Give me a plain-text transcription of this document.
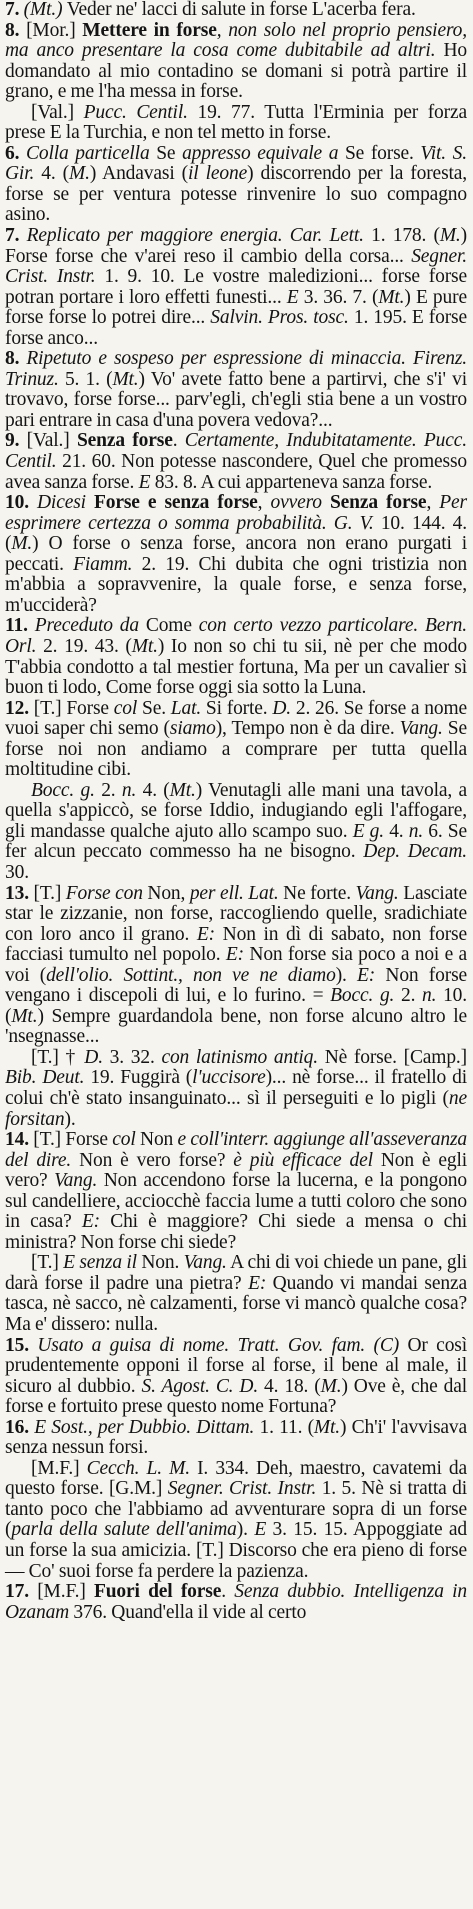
7. (Mt.) Veder ne' lacci di salute in forse L'acerba fera.

8. [Mor.] Mettere in forse, non solo nel proprio pensiero, ma anco presentare la cosa come dubitabile ad altri. Ho domandato al mio contadino se domani si potrà partire il grano, e me l'ha messa in forse.

[Val.] Pucc. Centil. 19. 77. Tutta l'Erminia per forza prese E la Turchia, e non tel metto in forse.

6. Colla particella Se appresso equivale a Se forse. Vit. S. Gir. 4. (M.) Andavasi (il leone) discorrendo per la foresta, forse se per ventura potesse rinvenire lo suo compagno asino.

7. Replicato per maggiore energia. Car. Lett. 1. 178. (M.) Forse forse che v'arei reso il cambio della corsa... Segner. Crist. Instr. 1. 9. 10. Le vostre maledizioni... forse forse potran portare i loro effetti funesti... E 3. 36. 7. (Mt.) E pure forse forse lo potrei dire... Salvin. Pros. tosc. 1. 195. E forse forse anco...

8. Ripetuto e sospeso per espressione di minaccia. Firenz. Trinuz. 5. 1. (Mt.) Vo' avete fatto bene a partirvi, che s'i' vi trovavo, forse forse... parv'egli, ch'egli stia bene a un vostro pari entrare in casa d'una povera vedova?...

9. [Val.] Senza forse. Certamente, Indubitatamente. Pucc. Centil. 21. 60. Non potesse nascondere, Quel che promesso avea sanza forse. E 83. 8. A cui apparteneva sanza forse.

10. Dicesi Forse e senza forse, ovvero Senza forse, Per esprimere certezza o somma probabilità. G. V. 10. 144. 4. (M.) O forse o senza forse, ancora non erano purgati i peccati. Fiamm. 2. 19. Chi dubita che ogni tristizia non m'abbia a sopravvenire, la quale forse, e senza forse, m'ucciderà?

11. Preceduto da Come con certo vezzo particolare. Bern. Orl. 2. 19. 43. (Mt.) Io non so chi tu sii, nè per che modo T'abbia condotto a tal mestier fortuna, Ma per un cavalier sì buon ti lodo, Come forse oggi sia sotto la Luna.

12. [T.] Forse col Se. Lat. Si forte. D. 2. 26. Se forse a nome vuoi saper chi semo (siamo), Tempo non è da dire. Vang. Se forse noi non andiamo a comprare per tutta quella moltitudine cibi.

Bocc. g. 2. n. 4. (Mt.) Venutagli alle mani una tavola, a quella s'appiccò, se forse Iddio, indugiando egli l'affogare, gli mandasse qualche ajuto allo scampo suo. E g. 4. n. 6. Se fer alcun peccato commesso ha ne bisogno. Dep. Decam. 30.

13. [T.] Forse con Non, per ell. Lat. Ne forte. Vang. Lasciate star le zizzanie, non forse, raccogliendo quelle, sradichiate con loro anco il grano. E: Non in dì di sabato, non forse facciasi tumulto nel popolo. E: Non forse sia poco a noi e a voi (dell'olio. Sottint., non ve ne diamo). E: Non forse vengano i discepoli di lui, e lo furino. = Bocc. g. 2. n. 10. (Mt.) Sempre guardandola bene, non forse alcuno altro le 'nsegnasse...

[T.] † D. 3. 32. con latinismo antiq. Nè forse. [Camp.] Bib. Deut. 19. Fuggirà (l'uccisore)... nè forse... il fratello di colui ch'è stato insanguinato... sì il perseguiti e lo pigli (ne forsitan).

14. [T.] Forse col Non e coll'interr. aggiunge all'asseveranza del dire. Non è vero forse? è più efficace del Non è egli vero? Vang. Non accendono forse la lucerna, e la pongono sul candelliere, acciocchè faccia lume a tutti coloro che sono in casa? E: Chi è maggiore? Chi siede a mensa o chi ministra? Non forse chi siede?

[T.] E senza il Non. Vang. A chi di voi chiede un pane, gli darà forse il padre una pietra? E: Quando vi mandai senza tasca, nè sacco, nè calzamenti, forse vi mancò qualche cosa? Ma e' dissero: nulla.

15. Usato a guisa di nome. Tratt. Gov. fam. (C) Or così prudentemente opponi il forse al forse, il bene al male, il sicuro al dubbio. S. Agost. C. D. 4. 18. (M.) Ove è, che dal forse e fortuito prese questo nome Fortuna?

16. E Sost., per Dubbio. Dittam. 1. 11. (Mt.) Ch'i' l'avvisava senza nessun forsi.

[M.F.] Cecch. L. M. I. 334. Deh, maestro, cavatemi da questo forse. [G.M.] Segner. Crist. Instr. 1. 5. Nè si tratta di tanto poco che l'abbiamo ad avventurare sopra di un forse (parla della salute dell'anima). E 3. 15. 15. Appoggiate ad un forse la sua amicizia. [T.] Discorso che era pieno di forse — Co' suoi forse fa perdere la pazienza.

17. [M.F.] Fuori del forse. Senza dubbio. Intelligenza in Ozanam 376. Quand'ella il vide al certo
